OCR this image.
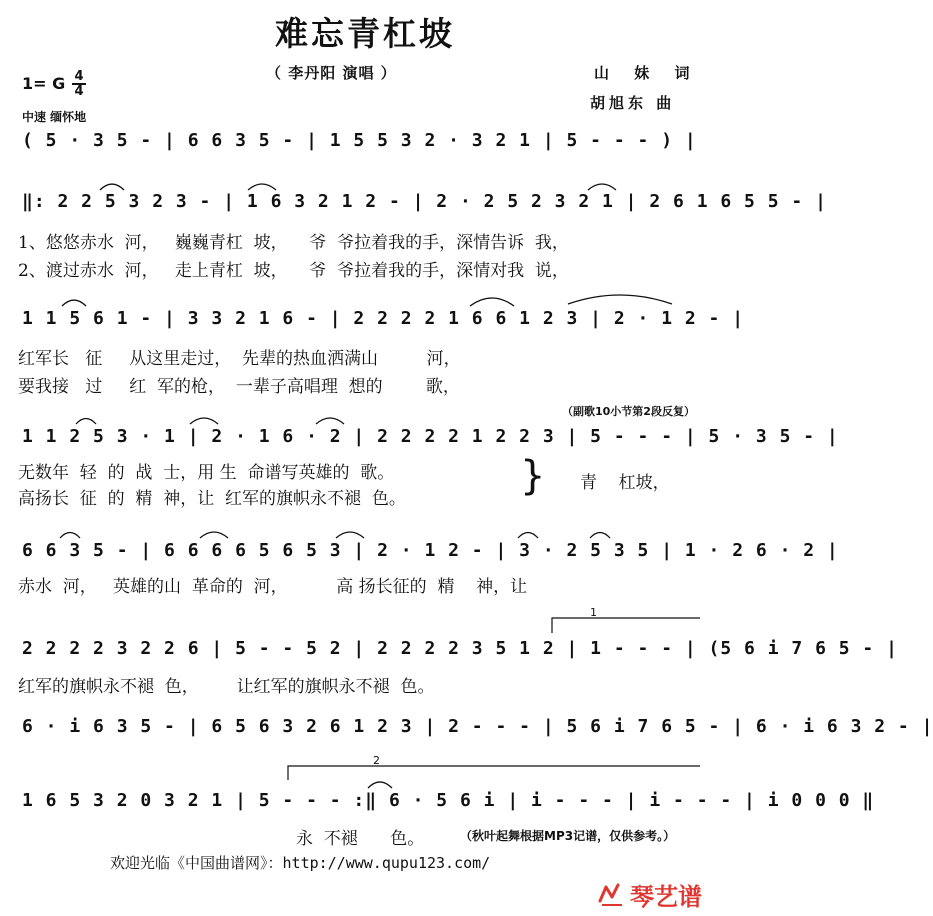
难忘青杠坡
（ 李丹阳 演唱 ）	山 妹 词
胡旭东 曲
1= G 4
4
中速 缅怀地
( 5 · 3 5 - | 6 6 3 5 - | 1 5 5 3 2 · 3 2 1 | 5 - - - ) |
‖: 2 2 5 3 2 3 - | 1 6 3 2 1 2 - | 2 · 2 5 2 3 2 1 | 2 6 1 6 5 5 - |
1、悠悠赤水  河，   巍巍青杠  坡，    爷  爷拉着我的手，深情告诉  我，
2、渡过赤水  河，   走上青杠  坡，    爷  爷拉着我的手，深情对我  说，
1 1 5 6 1 - | 3 3 2 1 6 - | 2 2 2 2 1 6 6 1 2 3 | 2 · 1 2 - |
红军长   征     从这里走过，  先辈的热血洒满山         河，
要我接   过     红  军的枪，  一辈子高唱理  想的        歌，
（副歌10小节第2段反复）
1 1 2 5 3 · 1 | 2 · 1 6 · 2 | 2 2 2 2 1 2 2 3 | 5 - - - | 5 · 3 5 - |
无数年  轻  的  战  士，用 生  命谱写英雄的  歌。
高扬长  征  的  精  神，让  红军的旗帜永不褪  色。	} 青    杠坡，
6 6 3 5 - | 6 6 6 6 5 6 5 3 | 2 · 1 2 - | 3 · 2 5 3 5 | 1 · 2 6 · 2 |
赤水  河，   英雄的山  革命的  河，         高 扬长征的  精    神，让
2 2 2 2 3 2 2 6 | 5 - - 5 2 | 2 2 2 2 3 5 1 2 | 1 - - - | (5 6 i 7 6 5 - |
红军的旗帜永不褪  色，       让红军的旗帜永不褪  色。
6 · i 6 3 5 - | 6 5 6 3 2 6 1 2 3 | 2 - - - | 5 6 i 7 6 5 - | 6 · i 6 3 2 - |
1 6 5 3 2 0 3 2 1 | 5 - - - :‖ 6 · 5 6 i | i - - - | i - - - | i 0 0 0 ‖
永  不褪      色。	（秋叶起舞根据MP3记谱，仅供参考。）
1
2
欢迎光临《中国曲谱网》：http://www.qupu123.com/
琴艺谱
